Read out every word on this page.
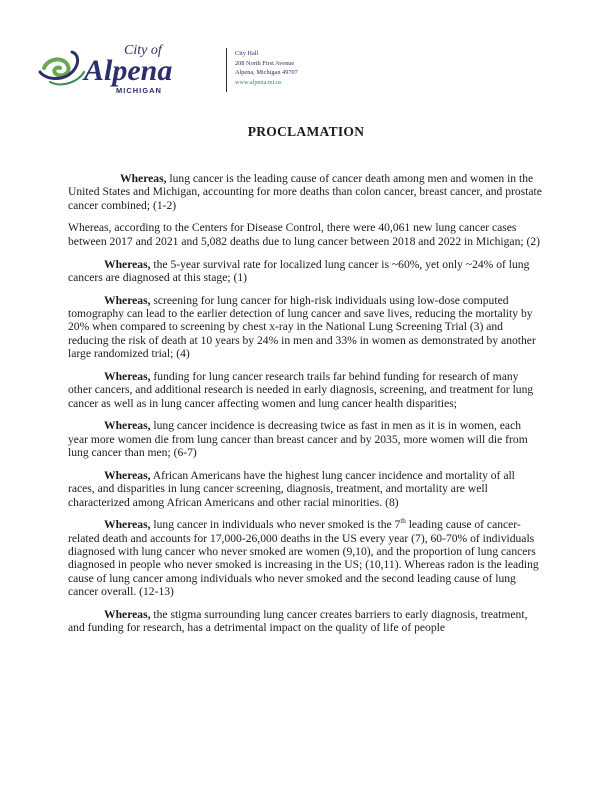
City of
Alpena
MICHIGAN
City Hall
208 North First Avenue
Alpena, Michigan 49707
www.alpena.mi.us
PROCLAMATION

Whereas, lung cancer is the leading cause of cancer death among men and women in the United States and Michigan, accounting for more deaths than colon cancer, breast cancer, and prostate cancer combined; (1-2)

Whereas, according to the Centers for Disease Control, there were 40,061 new lung cancer cases between 2017 and 2021 and 5,082 deaths due to lung cancer between 2018 and 2022 in Michigan; (2)

Whereas, the 5-year survival rate for localized lung cancer is ~60%, yet only ~24% of lung cancers are diagnosed at this stage; (1)

Whereas, screening for lung cancer for high-risk individuals using low-dose computed tomography can lead to the earlier detection of lung cancer and save lives, reducing the mortality by 20% when compared to screening by chest x-ray in the National Lung Screening Trial (3) and reducing the risk of death at 10 years by 24% in men and 33% in women as demonstrated by another large randomized trial; (4)

Whereas, funding for lung cancer research trails far behind funding for research of many other cancers, and additional research is needed in early diagnosis, screening, and treatment for lung cancer as well as in lung cancer affecting women and lung cancer health disparities;

Whereas, lung cancer incidence is decreasing twice as fast in men as it is in women, each year more women die from lung cancer than breast cancer and by 2035, more women will die from lung cancer than men; (6-7)

Whereas, African Americans have the highest lung cancer incidence and mortality of all races, and disparities in lung cancer screening, diagnosis, treatment, and mortality are well characterized among African Americans and other racial minorities. (8)

Whereas, lung cancer in individuals who never smoked is the 7th leading cause of cancer-related death and accounts for 17,000-26,000 deaths in the US every year (7), 60-70% of individuals diagnosed with lung cancer who never smoked are women (9,10), and the proportion of lung cancers diagnosed in people who never smoked is increasing in the US; (10,11). Whereas radon is the leading cause of lung cancer among individuals who never smoked and the second leading cause of lung cancer overall. (12-13)

Whereas, the stigma surrounding lung cancer creates barriers to early diagnosis, treatment, and funding for research, has a detrimental impact on the quality of life of people
